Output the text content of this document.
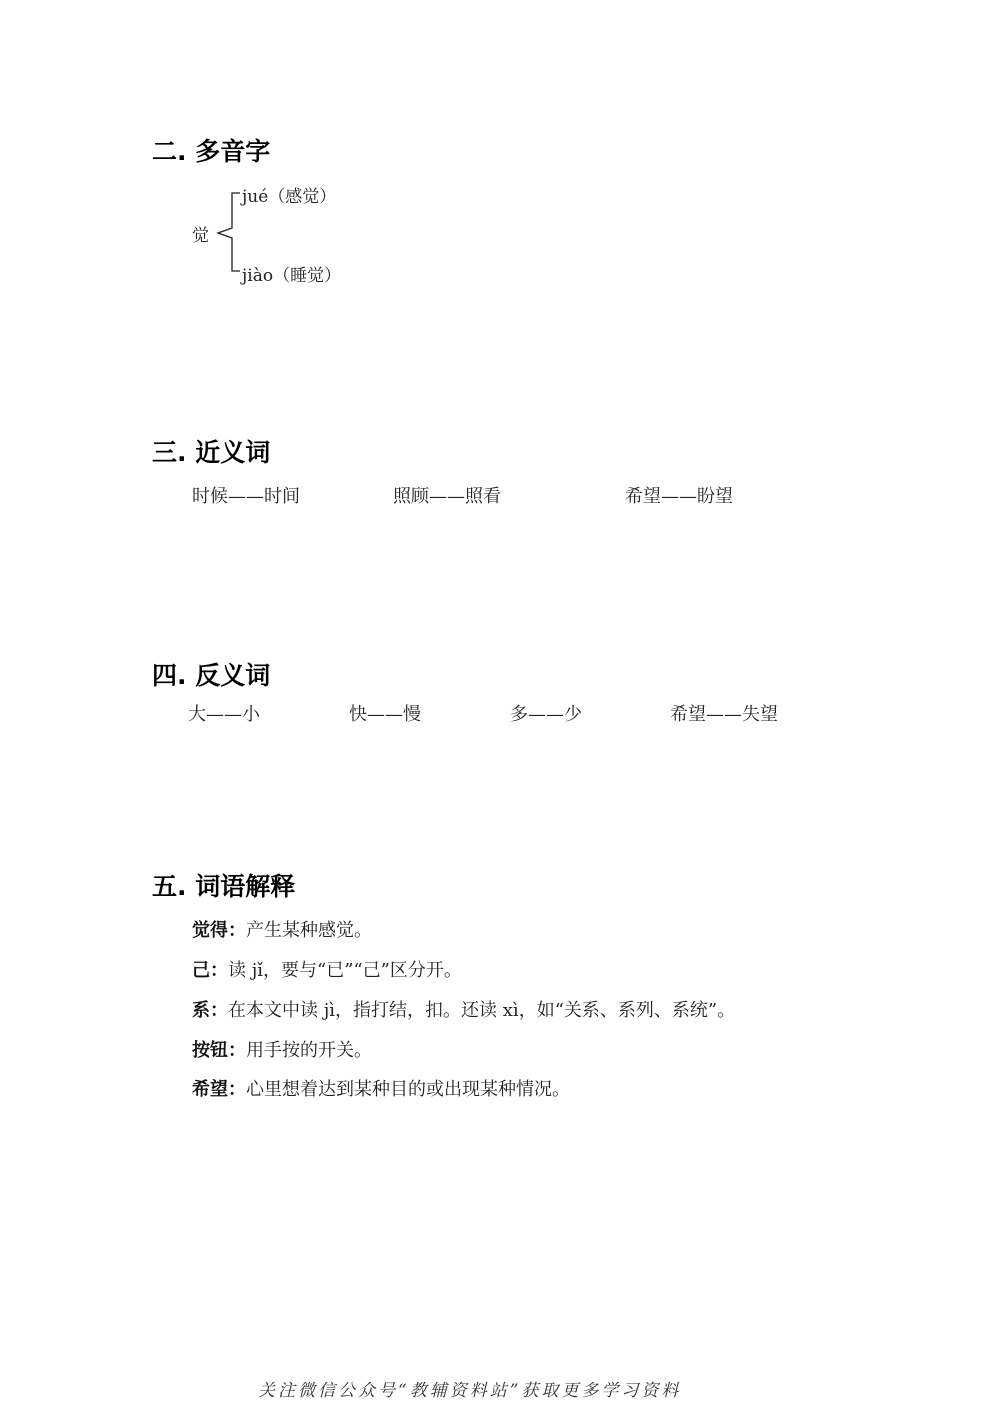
二. 多音字
觉
jué（感觉）
jiào（睡觉）
三. 近义词
时候——时间	照顾——照看	希望——盼望
四. 反义词
大——小	快——慢	多——少	希望——失望
五. 词语解释
觉得：产生某种感觉。
己：读 jǐ，要与“已”“己”区分开。
系：在本文中读 jì，指打结，扣。还读 xì，如“关系、系列、系统”。
按钮：用手按的开关。
希望：心里想着达到某种目的或出现某种情况。
关注微信公众号“教辅资料站”获取更多学习资料
